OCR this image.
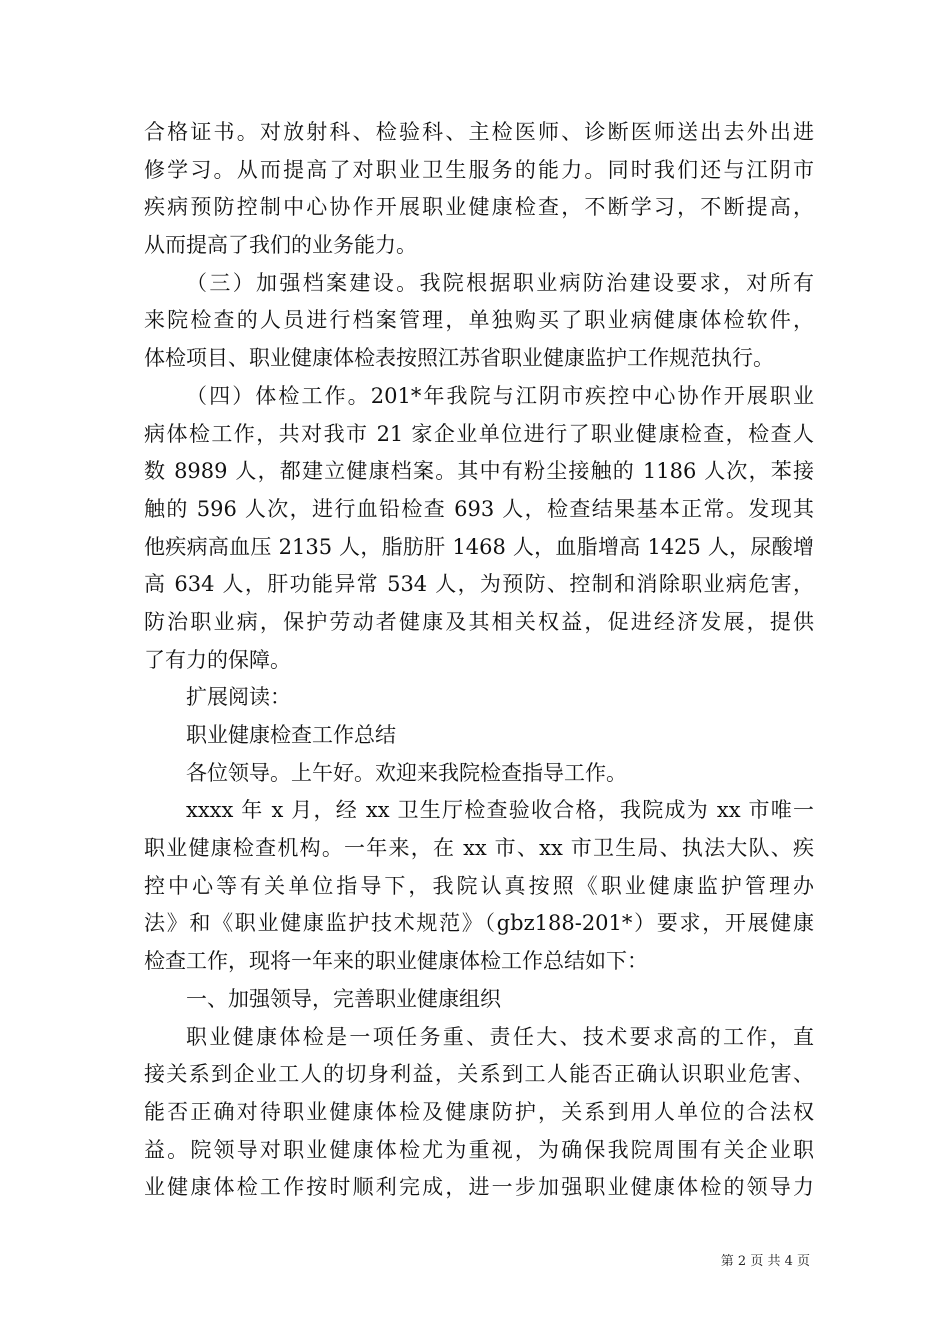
合格证书。对放射科、检验科、主检医师、诊断医师送出去外出进
修学习。从而提高了对职业卫生服务的能力。同时我们还与江阴市
疾病预防控制中心协作开展职业健康检查，不断学习，不断提高，
从而提高了我们的业务能力。
（三）加强档案建设。我院根据职业病防治建设要求，对所有
来院检查的人员进行档案管理，单独购买了职业病健康体检软件，
体检项目、职业健康体检表按照江苏省职业健康监护工作规范执行。
（四）体检工作。201*年我院与江阴市疾控中心协作开展职业
病体检工作，共对我市 21 家企业单位进行了职业健康检查，检查人
数 8989 人，都建立健康档案。其中有粉尘接触的 1186 人次，苯接
触的 596 人次，进行血铅检查 693 人，检查结果基本正常。发现其
他疾病高血压 2135 人，脂肪肝 1468 人，血脂增高 1425 人，尿酸增
高 634 人，肝功能异常 534 人，为预防、控制和消除职业病危害，
防治职业病，保护劳动者健康及其相关权益，促进经济发展，提供
了有力的保障。
扩展阅读：
职业健康检查工作总结
各位领导。上午好。欢迎来我院检查指导工作。
xxxx 年 x 月，经 xx 卫生厅检查验收合格，我院成为 xx 市唯一
职业健康检查机构。一年来，在 xx 市、xx 市卫生局、执法大队、疾
控中心等有关单位指导下，我院认真按照《职业健康监护管理办
法》和《职业健康监护技术规范》（gbz188-201*）要求，开展健康
检查工作，现将一年来的职业健康体检工作总结如下：
一、加强领导，完善职业健康组织
职业健康体检是一项任务重、责任大、技术要求高的工作，直
接关系到企业工人的切身利益，关系到工人能否正确认识职业危害、
能否正确对待职业健康体检及健康防护，关系到用人单位的合法权
益。院领导对职业健康体检尤为重视，为确保我院周围有关企业职
业健康体检工作按时顺利完成，进一步加强职业健康体检的领导力
第 2 页 共 4 页
